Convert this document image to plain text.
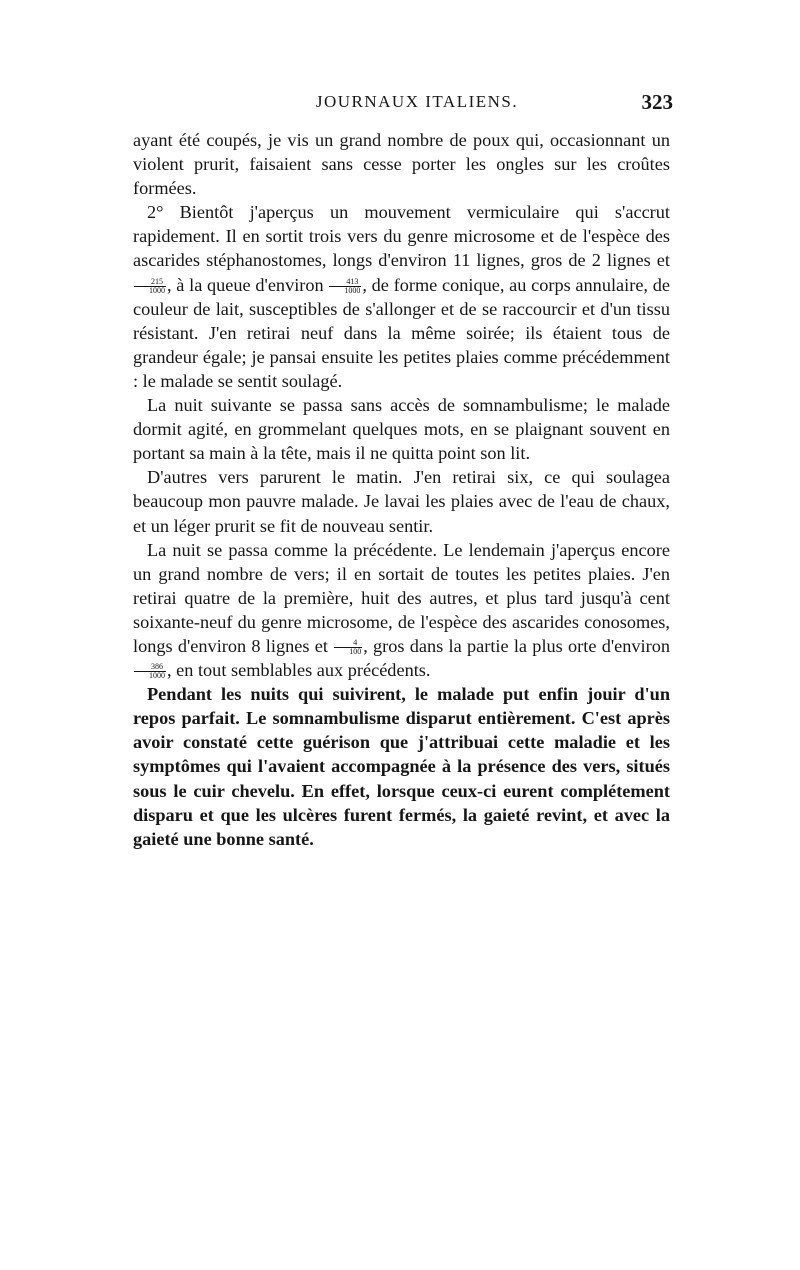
JOURNAUX ITALIENS.	323

ayant été coupés, je vis un grand nombre de poux qui, occasionnant un violent prurit, faisaient sans cesse porter les ongles sur les croûtes formées.

2° Bientôt j'aperçus un mouvement vermiculaire qui s'accrut rapidement. Il en sortit trois vers du genre microsome et de l'espèce des ascarides stéphanostomes, longs d'environ 11 lignes, gros de 2 lignes et
$\frac{215}{1000}$ , à la queue d'environ $\frac{413}{1000}$ , de forme conique, au corps annulaire, de couleur de lait, susceptibles de s'allonger et de se raccourcir et d'un tissu résistant. J'en retirai neuf dans la même soirée; ils étaient tous de grandeur égale; je pansai ensuite les petites plaies comme précédemment : le malade se sentit soulagé.

La nuit suivante se passa sans accès de somnambulisme; le malade dormit agité, en grommelant quelques mots, en se plaignant souvent en portant sa main à la tête, mais il ne quitta point son lit.

D'autres vers parurent le matin. J'en retirai six, ce qui soulagea beaucoup mon pauvre malade. Je lavai les plaies avec de l'eau de chaux, et un léger prurit se fit de nouveau sentir.

La nuit se passa comme la précédente. Le lendemain j'aperçus encore un grand nombre de vers; il en sortait de toutes les petites plaies. J'en retirai quatre de la première, huit des autres, et plus tard jusqu'à cent soixante-neuf du genre microsome, de l'espèce des ascarides conosomes, longs d'environ 8 lignes et $\frac{4}{100}$ , gros dans la partie la plus orte d'environ
$\frac{386}{1000}$ , en tout semblables aux précédents.

Pendant les nuits qui suivirent, le malade put enfin jouir d'un repos parfait. Le somnambulisme disparut entièrement. C'est après avoir constaté cette guérison que j'attribuai cette maladie et les symptômes qui l'avaient accompagnée à la présence des vers, situés sous le cuir chevelu. En effet, lorsque ceux-ci eurent complétement disparu et que les ulcères furent fermés, la gaieté revint, et avec la gaieté une bonne santé.
